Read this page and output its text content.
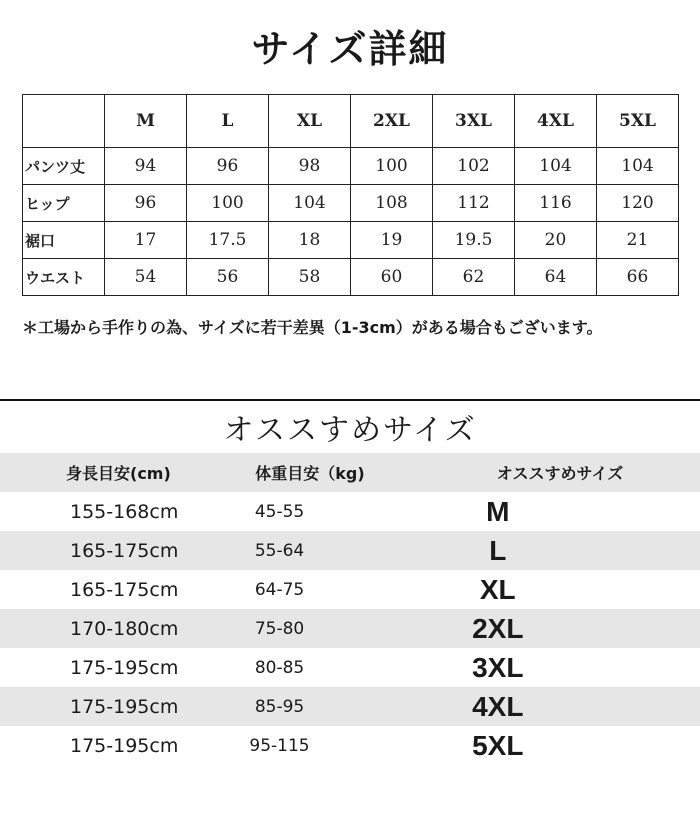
サイズ詳細
	M	L	XL	2XL	3XL	4XL	5XL
パンツ丈	94	96	98	100	102	104	104
ヒップ	96	100	104	108	112	116	120
裾口	17	17.5	18	19	19.5	20	21
ウエスト	54	56	58	60	62	64	66
＊工場から手作りの為、サイズに若干差異（1-3cm）がある場合もございます。
オススすめサイズ
身長目安(cm)	体重目安（kg)	オススすめサイズ
155-168cm	45-55	M
165-175cm	55-64	L
165-175cm	64-75	XL
170-180cm	75-80	2XL
175-195cm	80-85	3XL
175-195cm	85-95	4XL
175-195cm	95-115	5XL
